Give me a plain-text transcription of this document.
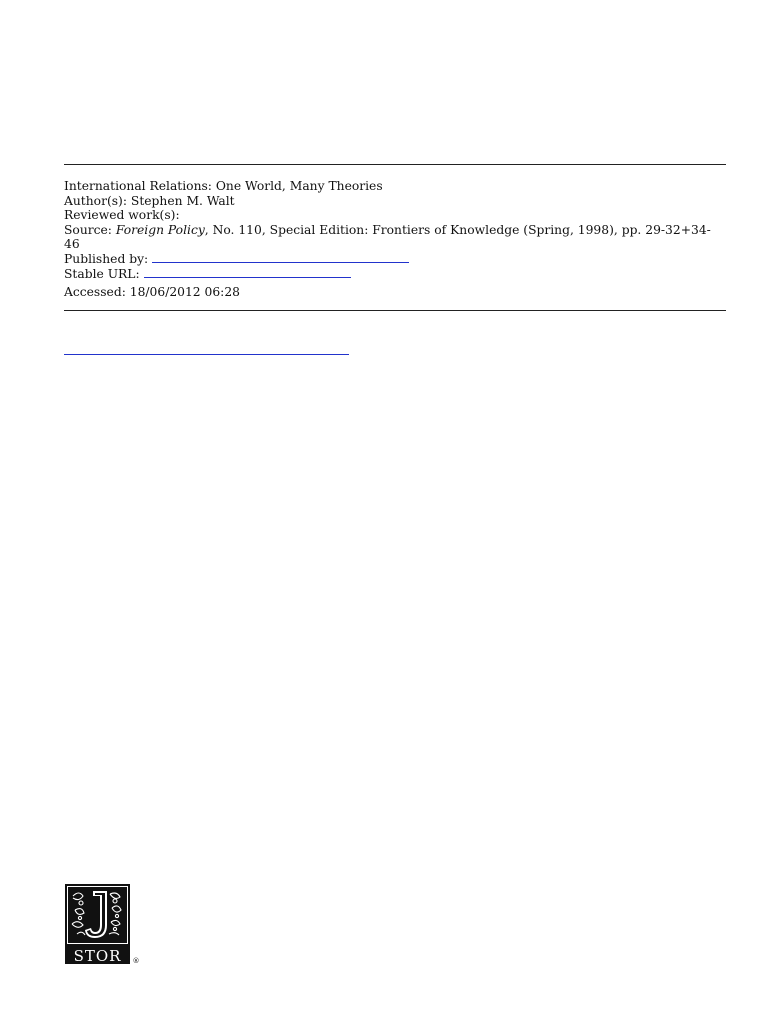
International Relations: One World, Many Theories
Author(s): Stephen M. Walt
Reviewed work(s):
Source: Foreign Policy, No. 110, Special Edition: Frontiers of Knowledge (Spring, 1998), pp. 29-32+34-46
Published by:
Stable URL:
Accessed: 18/06/2012 06:28
STOR ®
